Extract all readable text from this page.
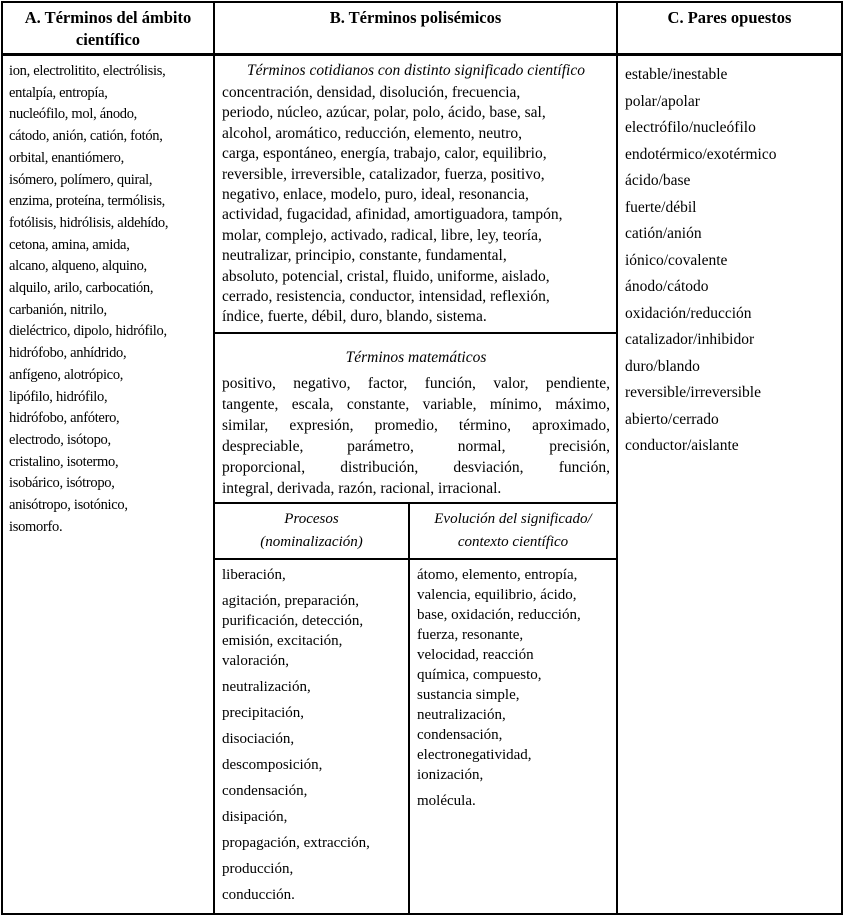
A. Términos del ámbito científico
B. Términos polisémicos	C. Pares opuestos
ion, electrolitito, electrólisis,
entalpía, entropía,
nucleófilo, mol, ánodo,
cátodo, anión, catión, fotón,
orbital, enantiómero,
isómero, polímero, quiral,
enzima, proteína, termólisis,
fotólisis, hidrólisis, aldehído,
cetona, amina, amida,
alcano, alqueno, alquino,
alquilo, arilo, carbocatión,
carbanión, nitrilo,
dieléctrico, dipolo, hidrófilo,
hidrófobo, anhídrido,
anfígeno, alotrópico,
lipófilo, hidrófilo,
hidrófobo, anfótero,
electrodo, isótopo,
cristalino, isotermo,
isobárico, isótropo,
anisótropo, isotónico,
isomorfo.
Términos cotidianos con distinto significado científico
concentración, densidad, disolución, frecuencia,
periodo, núcleo, azúcar, polar, polo, ácido, base, sal,
alcohol, aromático, reducción, elemento, neutro,
carga, espontáneo, energía, trabajo, calor, equilibrio,
reversible, irreversible, catalizador, fuerza, positivo,
negativo, enlace, modelo, puro, ideal, resonancia,
actividad, fugacidad, afinidad, amortiguadora, tampón,
molar, complejo, activado, radical, libre, ley, teoría,
neutralizar, principio, constante, fundamental,
absoluto, potencial, cristal, fluido, uniforme, aislado,
cerrado, resistencia, conductor, intensidad, reflexión,
índice, fuerte, débil, duro, blando, sistema.
Términos matemáticos
positivo, negativo, factor, función, valor, pendiente,
tangente, escala, constante, variable, mínimo, máximo,
similar, expresión, promedio, término, aproximado,
despreciable, parámetro, normal, precisión,
proporcional, distribución, desviación, función,
integral, derivada, razón, racional, irracional.
Procesos
(nominalización)
Evolución del significado/
contexto científico
liberación,
agitación, preparación,
purificación, detección,
emisión, excitación,
valoración,
neutralización,
precipitación,
disociación,
descomposición,
condensación,
disipación,
propagación, extracción,
producción,
conducción.
átomo, elemento, entropía,
valencia, equilibrio, ácido,
base, oxidación, reducción,
fuerza, resonante,
velocidad, reacción
química, compuesto,
sustancia simple,
neutralización,
condensación,
electronegatividad,
ionización,
molécula.
estable/inestable
polar/apolar
electrófilo/nucleófilo
endotérmico/exotérmico
ácido/base
fuerte/débil
catión/anión
iónico/covalente
ánodo/cátodo
oxidación/reducción
catalizador/inhibidor
duro/blando
reversible/irreversible
abierto/cerrado
conductor/aislante
